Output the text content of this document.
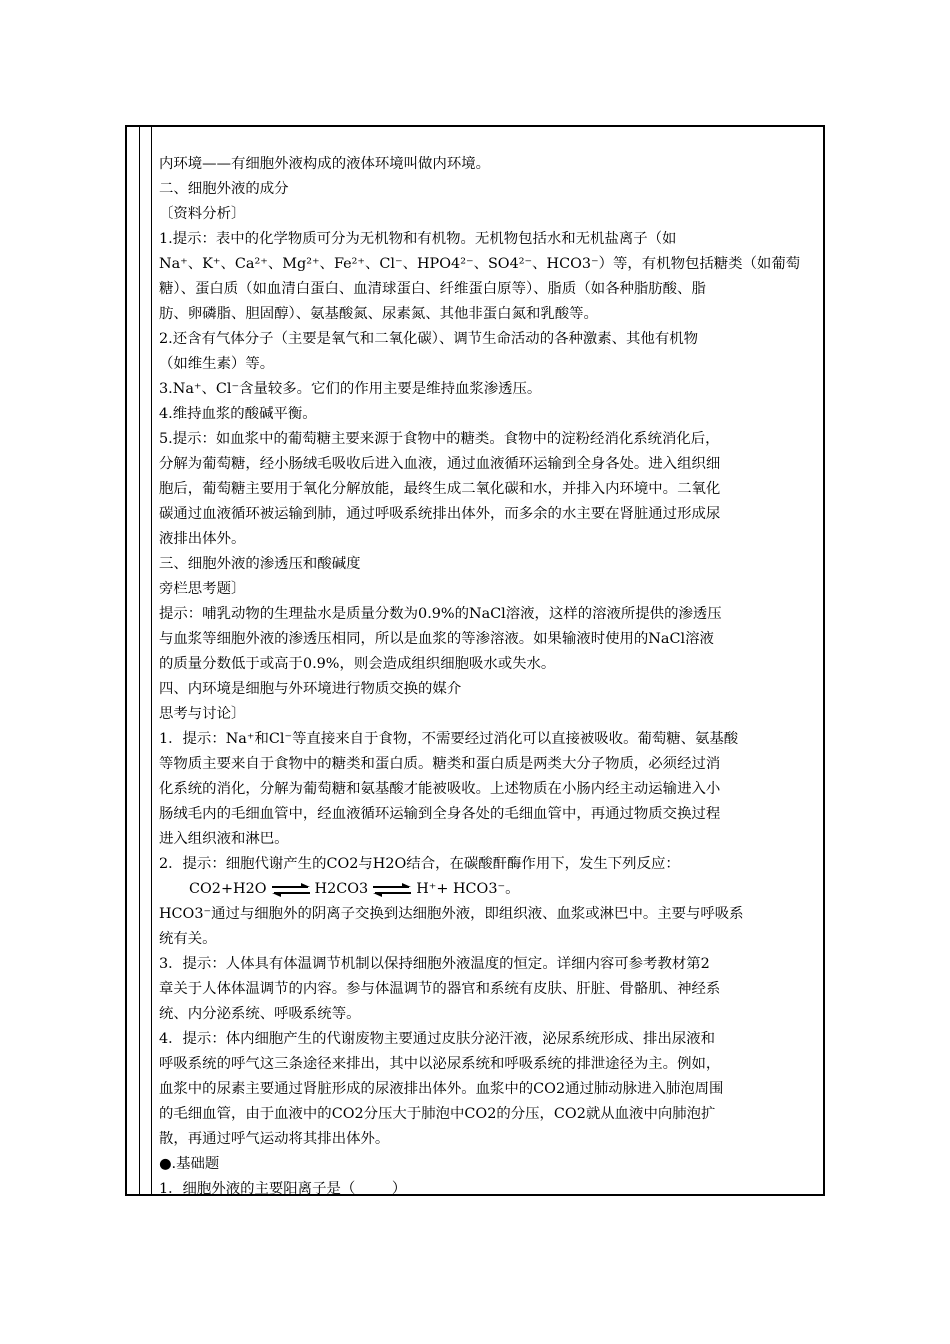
内环境——有细胞外液构成的液体环境叫做内环境。
二、细胞外液的成分
〔资料分析〕
1.提示：表中的化学物质可分为无机物和有机物。无机物包括水和无机盐离子（如
Na⁺、K⁺、Ca²⁺、Mg²⁺、Fe²⁺、Cl⁻、HPO4²⁻、SO4²⁻、HCO3⁻）等，有机物包括糖类（如葡萄
糖）、蛋白质（如血清白蛋白、血清球蛋白、纤维蛋白原等）、脂质（如各种脂肪酸、脂
肪、卵磷脂、胆固醇）、氨基酸氮、尿素氮、其他非蛋白氮和乳酸等。
2.还含有气体分子（主要是氧气和二氧化碳）、调节生命活动的各种激素、其他有机物
（如维生素）等。
3.Na⁺、Cl⁻含量较多。它们的作用主要是维持血浆渗透压。
4.维持血浆的酸碱平衡。
5.提示：如血浆中的葡萄糖主要来源于食物中的糖类。食物中的淀粉经消化系统消化后，
分解为葡萄糖，经小肠绒毛吸收后进入血液，通过血液循环运输到全身各处。进入组织细
胞后，葡萄糖主要用于氧化分解放能，最终生成二氧化碳和水，并排入内环境中。二氧化
碳通过血液循环被运输到肺，通过呼吸系统排出体外，而多余的水主要在肾脏通过形成尿
液排出体外。
三、细胞外液的渗透压和酸碱度
旁栏思考题〕
提示：哺乳动物的生理盐水是质量分数为0.9%的NaCl溶液，这样的溶液所提供的渗透压
与血浆等细胞外液的渗透压相同，所以是血浆的等渗溶液。如果输液时使用的NaCl溶液
的质量分数低于或高于0.9%，则会造成组织细胞吸水或失水。
四、内环境是细胞与外环境进行物质交换的媒介
思考与讨论〕
1．提示：Na⁺和Cl⁻等直接来自于食物，不需要经过消化可以直接被吸收。葡萄糖、氨基酸
等物质主要来自于食物中的糖类和蛋白质。糖类和蛋白质是两类大分子物质，必须经过消
化系统的消化，分解为葡萄糖和氨基酸才能被吸收。上述物质在小肠内经主动运输进入小
肠绒毛内的毛细血管中，经血液循环运输到全身各处的毛细血管中，再通过物质交换过程
进入组织液和淋巴。
2．提示：细胞代谢产生的CO2与H2O结合，在碳酸酐酶作用下，发生下列反应：
CO2+H2O ⇌ H2CO3 ⇌ H⁺+ HCO3⁻。
HCO3⁻通过与细胞外的阴离子交换到达细胞外液，即组织液、血浆或淋巴中。主要与呼吸系
统有关。
3．提示：人体具有体温调节机制以保持细胞外液温度的恒定。详细内容可参考教材第2
章关于人体体温调节的内容。参与体温调节的器官和系统有皮肤、肝脏、骨骼肌、神经系
统、内分泌系统、呼吸系统等。
4．提示：体内细胞产生的代谢废物主要通过皮肤分泌汗液，泌尿系统形成、排出尿液和
呼吸系统的呼气这三条途径来排出，其中以泌尿系统和呼吸系统的排泄途径为主。例如，
血浆中的尿素主要通过肾脏形成的尿液排出体外。血浆中的CO2通过肺动脉进入肺泡周围
的毛细血管，由于血液中的CO2分压大于肺泡中CO2的分压，CO2就从血液中向肺泡扩
散，再通过呼气运动将其排出体外。
●.基础题
1．细胞外液的主要阳离子是（        ）
